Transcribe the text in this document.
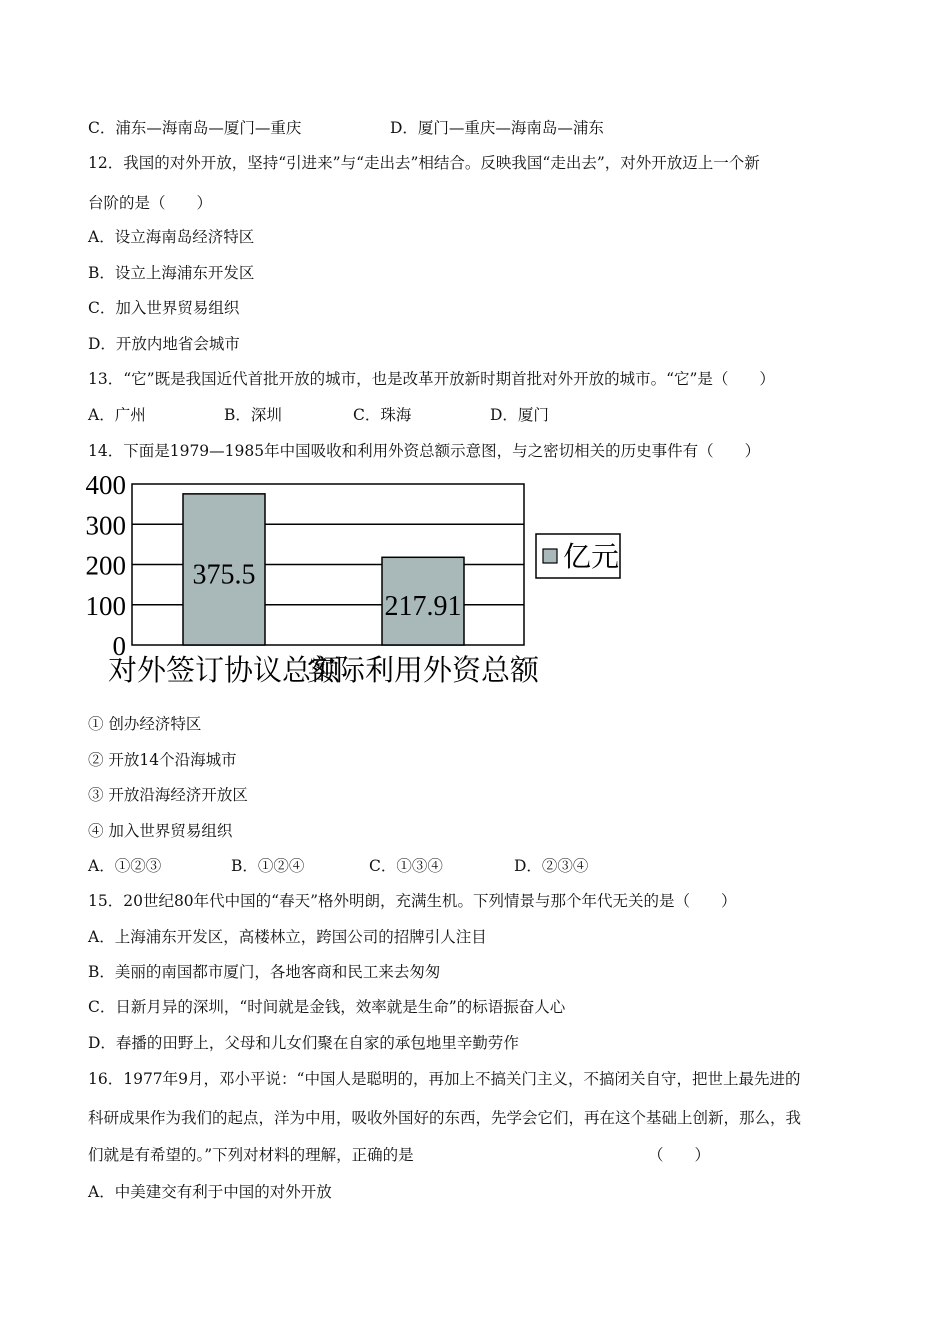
C．浦东—海南岛—厦门—重庆	D．厦门—重庆—海南岛—浦东
12．我国的对外开放，坚持“引进来”与“走出去”相结合。反映我国“走出去”，对外开放迈上一个新
台阶的是（　　）
A．设立海南岛经济特区
B．设立上海浦东开发区
C．加入世界贸易组织
D．开放内地省会城市
13．“它”既是我国近代首批开放的城市，也是改革开放新时期首批对外开放的城市。“它”是（　　）
A．广州	B．深圳	C．珠海	D．厦门
14．下面是1979—1985年中国吸收和利用外资总额示意图，与之密切相关的历史事件有（　　）
0
100
200
300
400
375.5
217.91
对外签订协议总额
实际利用外资总额
亿元
① 创办经济特区
② 开放14个沿海城市
③ 开放沿海经济开放区
④ 加入世界贸易组织
A．①②③	B．①②④	C．①③④	D．②③④
15．20世纪80年代中国的“春天”格外明朗，充满生机。下列情景与那个年代无关的是（　　）
A．上海浦东开发区，高楼林立，跨国公司的招牌引人注目
B．美丽的南国都市厦门，各地客商和民工来去匆匆
C．日新月异的深圳，“时间就是金钱，效率就是生命”的标语振奋人心
D．春播的田野上，父母和儿女们聚在自家的承包地里辛勤劳作
16．1977年9月，邓小平说：“中国人是聪明的，再加上不搞关门主义，不搞闭关自守，把世上最先进的
科研成果作为我们的起点，洋为中用，吸收外国好的东西，先学会它们，再在这个基础上创新，那么，我
们就是有希望的。”下列对材料的理解，正确的是	（　　）
A．中美建交有利于中国的对外开放
